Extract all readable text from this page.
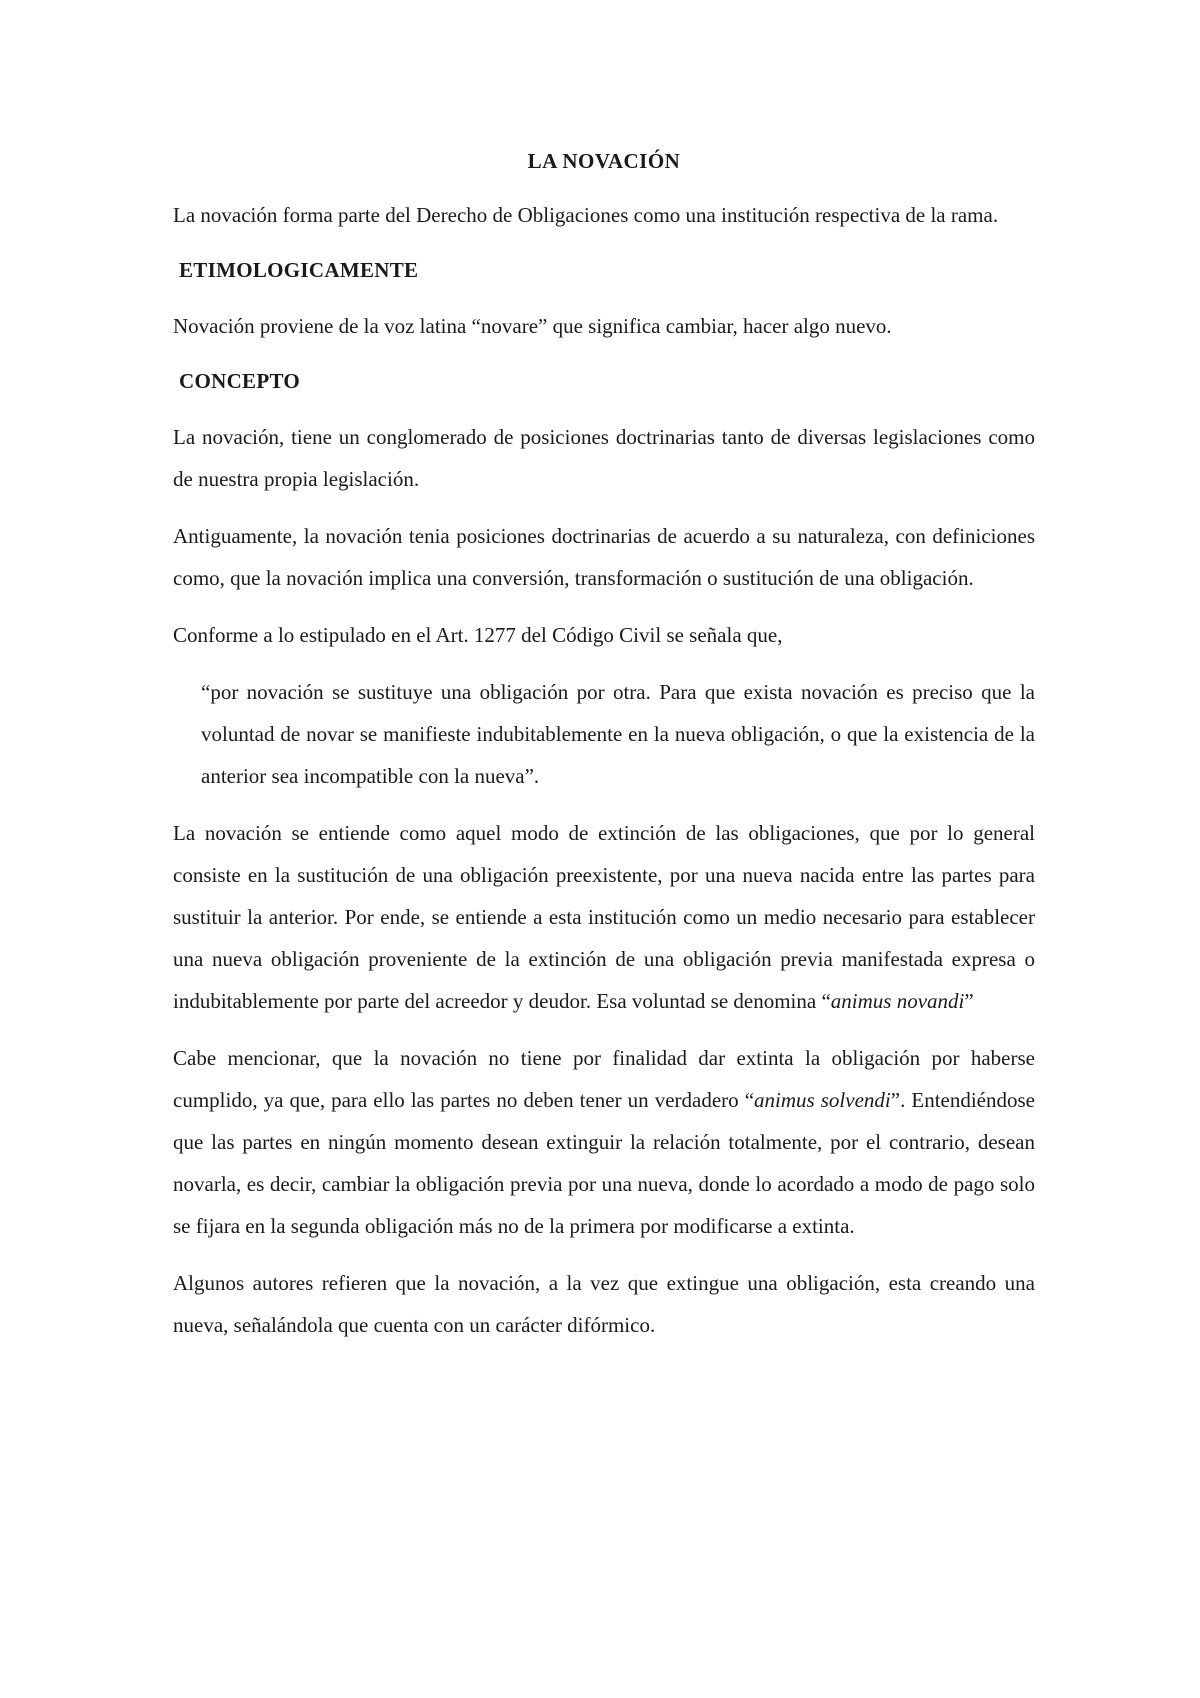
LA NOVACIÓN

La novación forma parte del Derecho de Obligaciones como una institución respectiva de la rama.

ETIMOLOGICAMENTE

Novación proviene de la voz latina “novare” que significa cambiar, hacer algo nuevo.

CONCEPTO

La novación, tiene un conglomerado de posiciones doctrinarias tanto de diversas legislaciones como de nuestra propia legislación.

Antiguamente, la novación tenia posiciones doctrinarias de acuerdo a su naturaleza, con definiciones como, que la novación implica una conversión, transformación o sustitución de una obligación.

Conforme a lo estipulado en el Art. 1277 del Código Civil se señala que,

“por novación se sustituye una obligación por otra. Para que exista novación es preciso que la voluntad de novar se manifieste indubitablemente en la nueva obligación, o que la existencia de la anterior sea incompatible con la nueva”.

La novación se entiende como aquel modo de extinción de las obligaciones, que por lo general consiste en la sustitución de una obligación preexistente, por una nueva nacida entre las partes para sustituir la anterior. Por ende, se entiende a esta institución como un medio necesario para establecer una nueva obligación proveniente de la extinción de una obligación previa manifestada expresa o indubitablemente por parte del acreedor y deudor. Esa voluntad se denomina “animus novandi”

Cabe mencionar, que la novación no tiene por finalidad dar extinta la obligación por haberse cumplido, ya que, para ello las partes no deben tener un verdadero “animus solvendi”. Entendiéndose que las partes en ningún momento desean extinguir la relación totalmente, por el contrario, desean novarla, es decir, cambiar la obligación previa por una nueva, donde lo acordado a modo de pago solo se fijara en la segunda obligación más no de la primera por modificarse a extinta.

Algunos autores refieren que la novación, a la vez que extingue una obligación, esta creando una nueva, señalándola que cuenta con un carácter difórmico.
